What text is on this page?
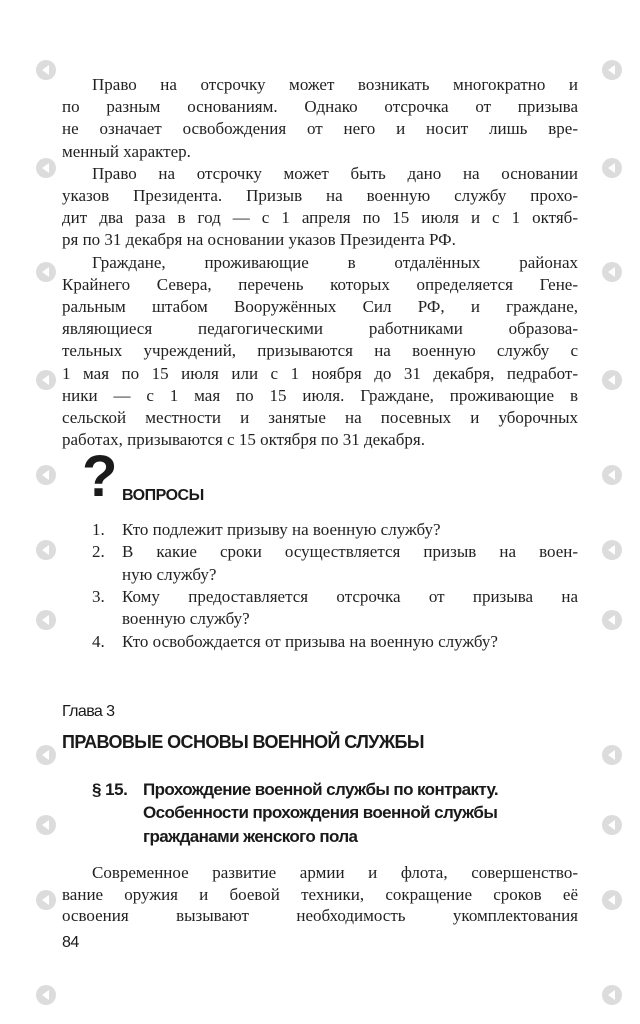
Право на отсрочку может возникать многократно и
по разным основаниям. Однако отсрочка от призыва
не означает освобождения от него и носит лишь вре-
менный характер.
Право на отсрочку может быть дано на основании
указов Президента. Призыв на военную службу прохо-
дит два раза в год — с 1 апреля по 15 июля и с 1 октяб-
ря по 31 декабря на основании указов Президента РФ.
Граждане, проживающие в отдалённых районах
Крайнего Севера, перечень которых определяется Гене-
ральным штабом Вооружённых Сил РФ, и граждане,
являющиеся педагогическими работниками образова-
тельных учреждений, призываются на военную службу с
1 мая по 15 июля или с 1 ноября до 31 декабря, педработ-
ники — с 1 мая по 15 июля. Граждане, проживающие в
сельской местности и занятые на посевных и уборочных
работах, призываются с 15 октября по 31 декабря.
? ВОПРОСЫ
1. Кто подлежит призыву на военную службу?
2. В какие сроки осуществляется призыв на воен-
ную службу?
3. Кому предоставляется отсрочка от призыва на
военную службу?
4. Кто освобождается от призыва на военную службу?
Глава 3
ПРАВОВЫЕ ОСНОВЫ ВОЕННОЙ СЛУЖБЫ
§ 15. Прохождение военной службы по контракту.
Особенности прохождения военной службы
гражданами женского пола
Современное развитие армии и флота, совершенство-
вание оружия и боевой техники, сокращение сроков её
освоения вызывают необходимость укомплектования
84
